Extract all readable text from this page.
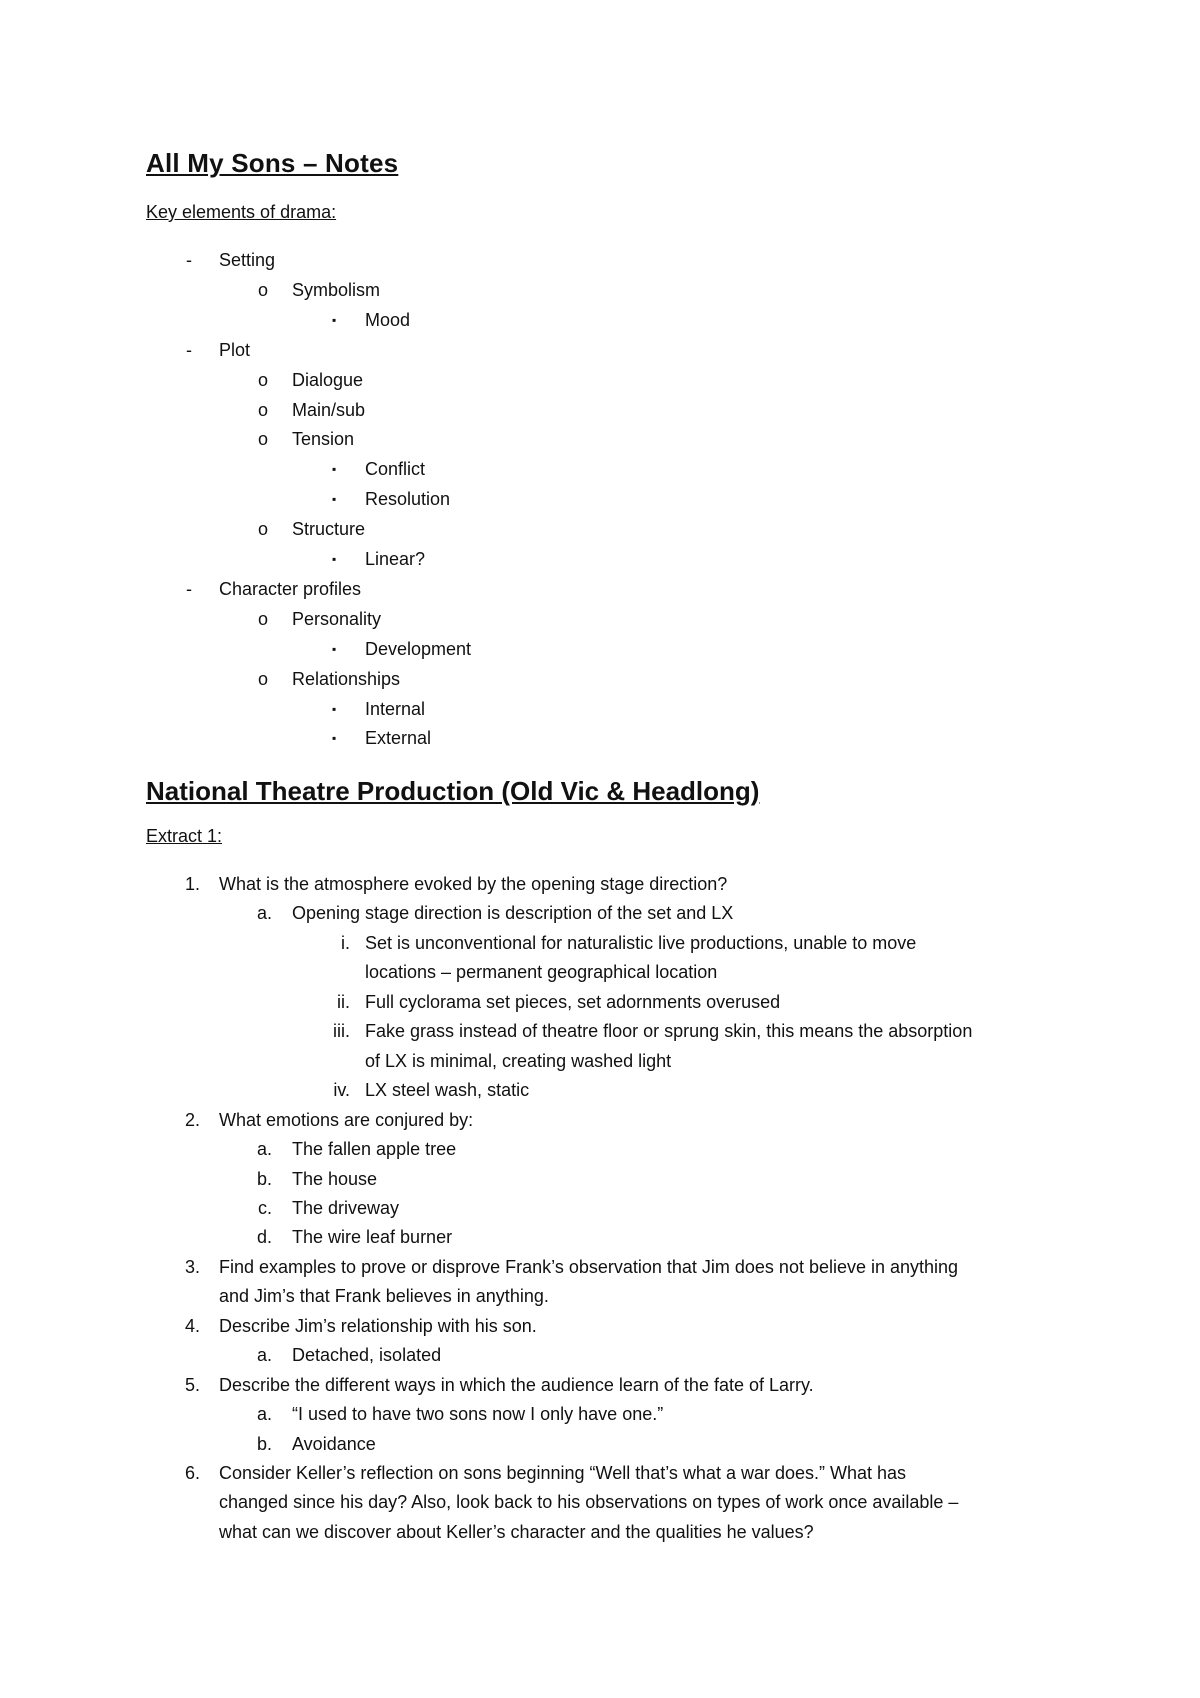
All My Sons – Notes
Key elements of drama:
- Setting
o Symbolism
▪ Mood
- Plot
o Dialogue
o Main/sub
o Tension
▪ Conflict
▪ Resolution
o Structure
▪ Linear?
- Character profiles
o Personality
▪ Development
o Relationships
▪ Internal
▪ External
National Theatre Production (Old Vic & Headlong)
Extract 1:
1. What is the atmosphere evoked by the opening stage direction?
a. Opening stage direction is description of the set and LX
i. Set is unconventional for naturalistic live productions, unable to move
locations – permanent geographical location
ii. Full cyclorama set pieces, set adornments overused
iii. Fake grass instead of theatre floor or sprung skin, this means the absorption
of LX is minimal, creating washed light
iv. LX steel wash, static
2. What emotions are conjured by:
a. The fallen apple tree
b. The house
c. The driveway
d. The wire leaf burner
3. Find examples to prove or disprove Frank’s observation that Jim does not believe in anything
and Jim’s that Frank believes in anything.
4. Describe Jim’s relationship with his son.
a. Detached, isolated
5. Describe the different ways in which the audience learn of the fate of Larry.
a. “I used to have two sons now I only have one.”
b. Avoidance
6. Consider Keller’s reflection on sons beginning “Well that’s what a war does.” What has
changed since his day? Also, look back to his observations on types of work once available –
what can we discover about Keller’s character and the qualities he values?
